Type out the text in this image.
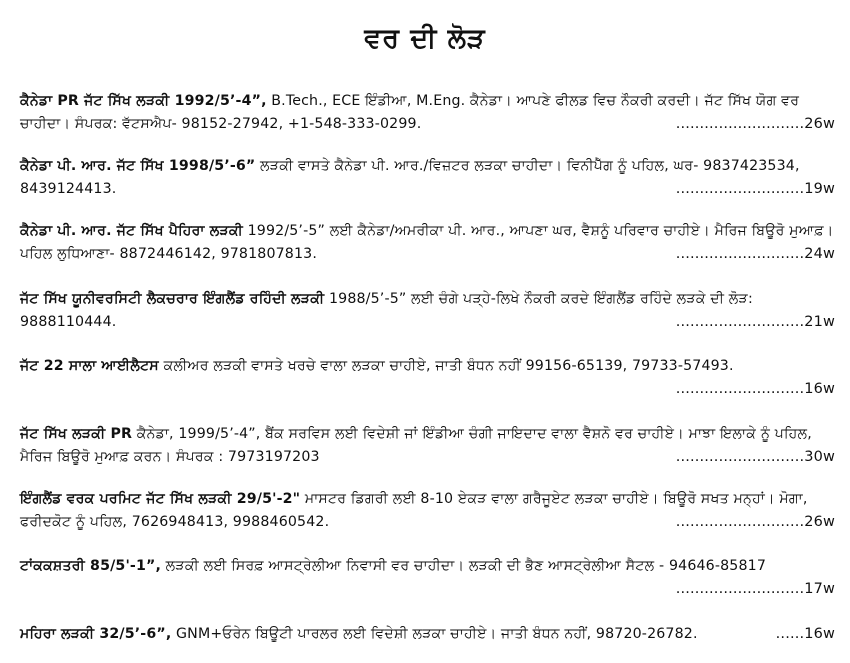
ਵਰ ਦੀ ਲੋੜ
ਕੈਨੇਡਾ PR ਜੱਟ ਸਿੱਖ ਲੜਕੀ 1992/5’-4”, B.Tech., ECE ਇੰਡੀਆ, M.Eng. ਕੈਨੇਡਾ। ਆਪਣੇ ਫੀਲਡ ਵਿਚ ਨੌਕਰੀ ਕਰਦੀ। ਜੱਟ ਸਿੱਖ ਯੋਗ ਵਰ ਚਾਹੀਦਾ। ਸੰਪਰਕ: ਵੱਟਸਐਪ- 98152-27942, +1-548-333-0299.	...........................26w
ਕੈਨੇਡਾ ਪੀ. ਆਰ. ਜੱਟ ਸਿੱਖ 1998/5’-6” ਲੜਕੀ ਵਾਸਤੇ ਕੈਨੇਡਾ ਪੀ. ਆਰ./ਵਿਜ਼ਟਰ ਲੜਕਾ ਚਾਹੀਦਾ। ਵਿਨੀਪੈੱਗ ਨੂੰ ਪਹਿਲ, ਘਰ- 9837423534, 8439124413.	...........................19w
ਕੈਨੇਡਾ ਪੀ. ਆਰ. ਜੱਟ ਸਿੱਖ ਪੈਹਿਰਾ ਲੜਕੀ 1992/5’-5” ਲਈ ਕੈਨੇਡਾ/ਅਮਰੀਕਾ ਪੀ. ਆਰ., ਆਪਣਾ ਘਰ, ਵੈਸ਼ਨੂੰ ਪਰਿਵਾਰ ਚਾਹੀਏ। ਮੈਰਿਜ ਬਿਊਰੋ ਮੁਆਫ਼। ਪਹਿਲ ਲੁਧਿਆਣਾ- 8872446142, 9781807813.	...........................24w
ਜੱਟ ਸਿੱਖ ਯੂਨੀਵਰਸਿਟੀ ਲੈਕਚਰਾਰ ਇੰਗਲੈਂਡ ਰਹਿੰਦੀ ਲੜਕੀ 1988/5’-5” ਲਈ ਚੰਗੇ ਪੜ੍ਹੇ-ਲਿਖੇ ਨੌਕਰੀ ਕਰਦੇ ਇੰਗਲੈਂਡ ਰਹਿੰਦੇ ਲੜਕੇ ਦੀ ਲੋੜ: 9888110444.	...........................21w
ਜੱਟ 22 ਸਾਲਾ ਆਈਲੈਟਸ ਕਲੀਅਰ ਲੜਕੀ ਵਾਸਤੇ ਖਰਚੇ ਵਾਲਾ ਲੜਕਾ ਚਾਹੀਏ, ਜਾਤੀ ਬੰਧਨ ਨਹੀਂ 99156-65139, 79733-57493.
...........................16w
ਜੱਟ ਸਿੱਖ ਲੜਕੀ PR ਕੈਨੇਡਾ, 1999/5’-4”, ਬੈਂਕ ਸਰਵਿਸ ਲਈ ਵਿਦੇਸ਼ੀ ਜਾਂ ਇੰਡੀਆ ਚੰਗੀ ਜਾਇਦਾਦ ਵਾਲਾ ਵੈਸ਼ਨੋ ਵਰ ਚਾਹੀਏ। ਮਾਝਾ ਇਲਾਕੇ ਨੂੰ ਪਹਿਲ, ਮੈਰਿਜ ਬਿਊਰੋ ਮੁਆਫ਼ ਕਰਨ। ਸੰਪਰਕ : 7973197203	...........................30w
ਇੰਗਲੈਂਡ ਵਰਕ ਪਰਮਿਟ ਜੱਟ ਸਿੱਖ ਲੜਕੀ 29/5'-2" ਮਾਸਟਰ ਡਿਗਰੀ ਲਈ 8-10 ਏਕੜ ਵਾਲਾ ਗਰੈਜੂਏਟ ਲੜਕਾ ਚਾਹੀਏ। ਬਿਊਰੋ ਸਖਤ ਮਨ੍ਹਾਂ। ਮੋਗਾ, ਫਰੀਦਕੋਟ ਨੂੰ ਪਹਿਲ, 7626948413, 9988460542.	...........................26w
ਟਾਂਕਕਸ਼ਤਰੀ 85/5'-1”, ਲੜਕੀ ਲਈ ਸਿਰਫ਼ ਆਸਟ੍ਰੇਲੀਆ ਨਿਵਾਸੀ ਵਰ ਚਾਹੀਦਾ। ਲੜਕੀ ਦੀ ਭੈਣ ਆਸਟ੍ਰੇਲੀਆ ਸੈਟਲ - 94646-85817
...........................17w
ਮਹਿਰਾ ਲੜਕੀ 32/5’-6”, GNM+ਓਰੇਨ ਬਿਊਟੀ ਪਾਰਲਰ ਲਈ ਵਿਦੇਸ਼ੀ ਲੜਕਾ ਚਾਹੀਏ। ਜਾਤੀ ਬੰਧਨ ਨਹੀਂ, 98720-26782.	......16w
